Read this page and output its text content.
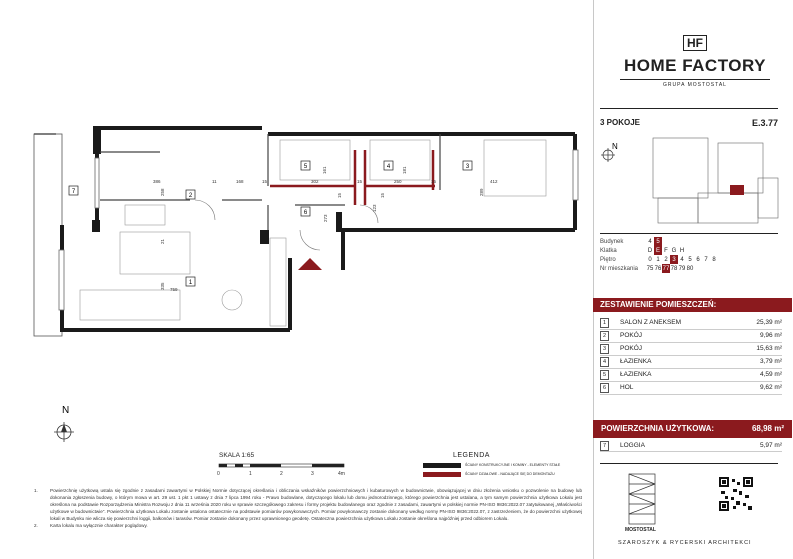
1
2
3
4
5
6
7
386
258
11	168	15	302	15	250	15	412
161	181
289
21
335 759
15
123
15
273
N
0	1	2	3	4m
SKALA 1:65	LEGENDA
ŚCIANY KONSTRUKCYJNE I KOMINY - ELEMENTY STAŁE
ŚCIANY DZIAŁOWE - NADAJĄCE SIĘ DO DEMONTAŻU
1.	Powierzchnię użytkową ustala się zgodnie z zasadami zawartymi w Polskiej Normie dotyczącej określania i obliczania wskaźników powierzchniowych i kubaturowych w budownictwie, obowiązującej w dniu złożenia wniosku o pozwolenie na budowę lub dokonania zgłoszenia budowy, o którym mowa w art. 29 ust. 1 pkt 1 ustawy z dnia 7 lipca 1994 roku - Prawo budowlane, dotyczącego lokalu lub domu jednorodzinnego, którego powierzchnia jest ustalana, a tym samym powierzchnia użytkowa Lokalu jest określona na podstawie Rozporządzenia Ministra Rozwoju z dnia 11 września 2020 roku w sprawie szczegółowego zakresu i formy projektu budowlanego oraz zgodnie z zasadami, zawartymi w polskiej normie PN-ISO 9836:2022.07 zatytułowanej „Właściwości użytkowe w budownictwie”. Powierzchnia użytkowa Lokalu zostanie ustalona ostatecznie na podstawie pomiarów powykonawczych. Pomiar powykonawczy zostanie dokonany według normy PN-ISO 9836:2022.07, z zastrzeżeniem, że do powierzchni użytkowej lokali w Budynku nie wlicza się powierzchni loggii, balkonów i tarasów. Pomiar zostanie dokonany przez uprawnionego geodetę. Ostateczna powierzchnia użytkowa Lokalu zostanie określona najpóźniej przed odbiorem Lokalu.
2.	Karta lokalu ma wyłącznie charakter poglądowy.
HF
HOME FACTORY
GRUPA MOSTOSTAL
3 POKOJE	E.3.77
N
Budynek	4	5							
Klatka	D	E	F	G	H				
Piętro	0	1	2	3	4	5	6	7	8
Nr mieszkania	75	76	77	78	79	80			
ZESTAWIENIE POMIESZCZEŃ:
1	SALON Z ANEKSEM	25,39 m²
2	POKÓJ	9,96 m²
3	POKÓJ	15,63 m²
4	ŁAZIENKA	3,79 m²
5	ŁAZIENKA	4,59 m²
6	HOL	9,62 m²
POWIERZCHNIA UŻYTKOWA:	68,98 m²
7	LOGGIA	5,97 m²
MOSTOSTAL
SZAROSZYK & RYCERSKI ARCHITEKCI
